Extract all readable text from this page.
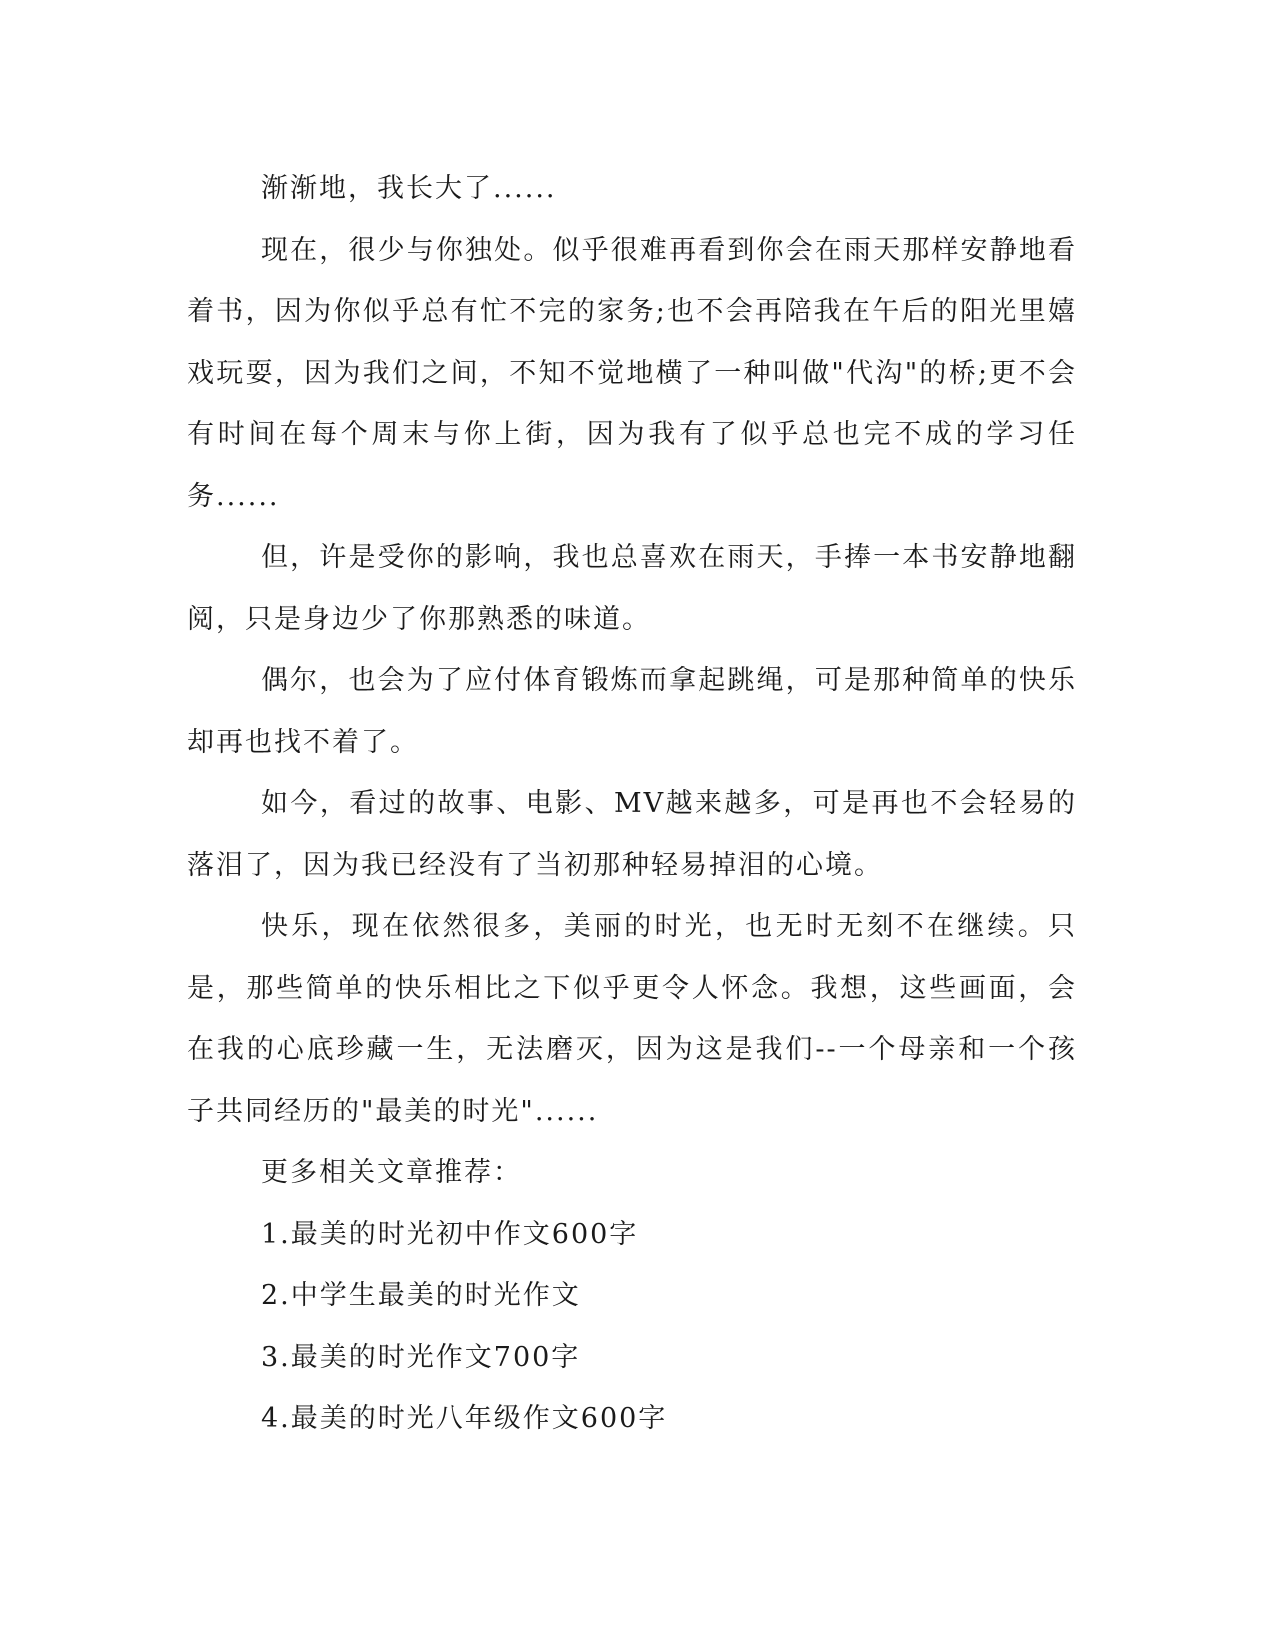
渐渐地，我长大了......

现在，很少与你独处。似乎很难再看到你会在雨天那样安静地看着书，因为你似乎总有忙不完的家务;也不会再陪我在午后的阳光里嬉戏玩耍，因为我们之间，不知不觉地横了一种叫做"代沟"的桥;更不会有时间在每个周末与你上街，因为我有了似乎总也完不成的学习任务......

但，许是受你的影响，我也总喜欢在雨天，手捧一本书安静地翻阅，只是身边少了你那熟悉的味道。

偶尔，也会为了应付体育锻炼而拿起跳绳，可是那种简单的快乐却再也找不着了。

如今，看过的故事、电影、MV越来越多，可是再也不会轻易的落泪了，因为我已经没有了当初那种轻易掉泪的心境。

快乐，现在依然很多，美丽的时光，也无时无刻不在继续。只是，那些简单的快乐相比之下似乎更令人怀念。我想，这些画面，会在我的心底珍藏一生，无法磨灭，因为这是我们--一个母亲和一个孩子共同经历的"最美的时光"......

更多相关文章推荐：

1.最美的时光初中作文600字

2.中学生最美的时光作文

3.最美的时光作文700字

4.最美的时光八年级作文600字
